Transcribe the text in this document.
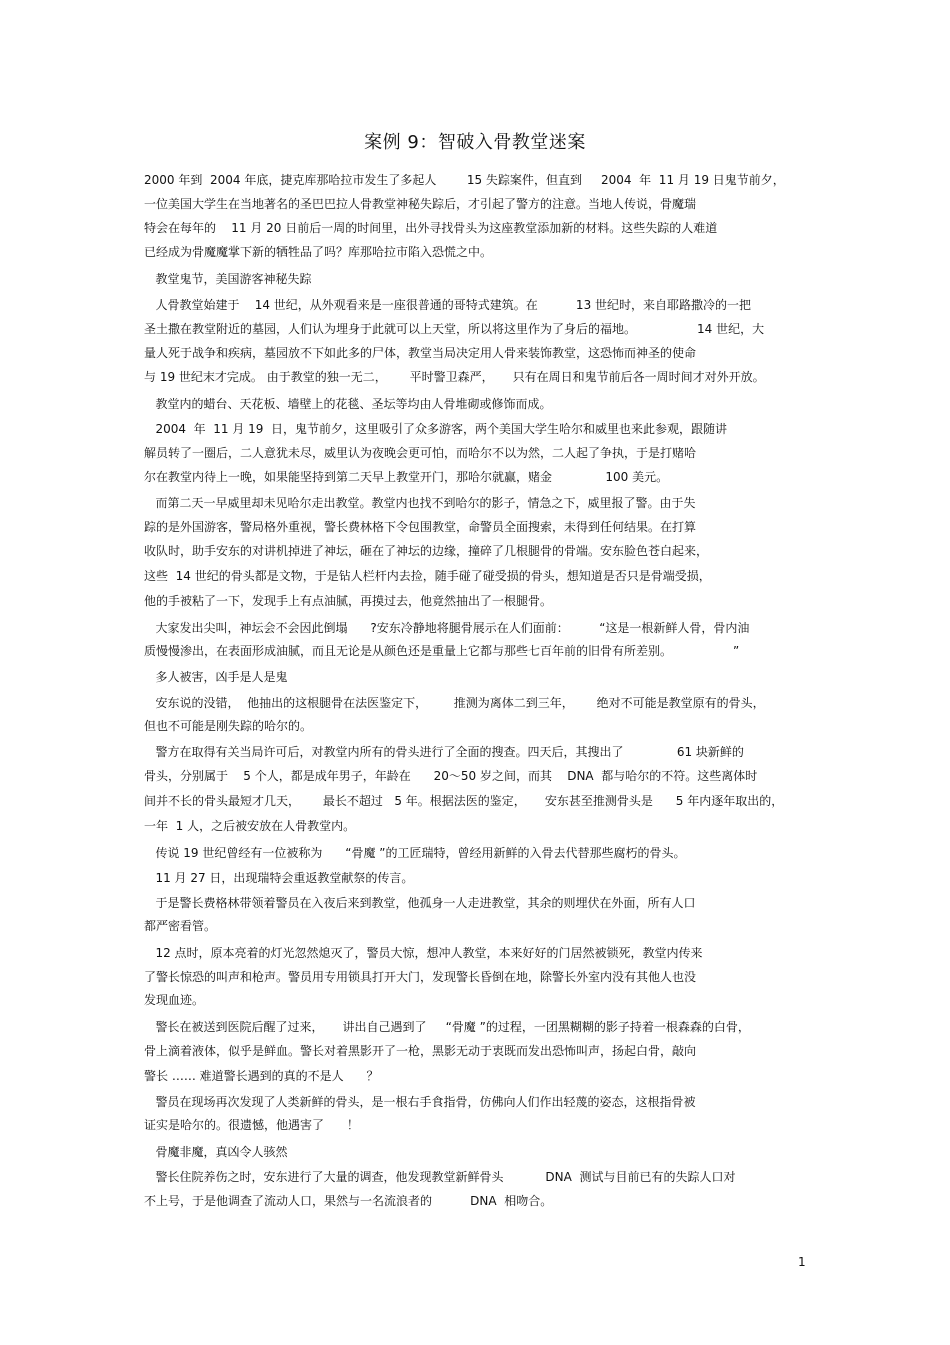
案例 9：智破入骨教堂迷案
2000 年到  2004 年底，捷克库那哈拉市发生了多起人        15 失踪案件，但直到     2004  年  11 月 19 日鬼节前夕，
一位美国大学生在当地著名的圣巴巴拉人骨教堂神秘失踪后，才引起了警方的注意。当地人传说，骨魔瑞
特会在每年的    11 月 20 日前后一周的时间里，出外寻找骨头为这座教堂添加新的材料。这些失踪的人难道
已经成为骨魔魔掌下新的牺牲品了吗？库那哈拉市陷入恐慌之中。
教堂鬼节，美国游客神秘失踪
人骨教堂始建于    14 世纪，从外观看来是一座很普通的哥特式建筑。在          13 世纪时，来自耶路撒冷的一把
圣土撒在教堂附近的墓园，人们认为埋身于此就可以上天堂，所以将这里作为了身后的福地。                14 世纪，大
量人死于战争和疾病，墓园放不下如此多的尸体，教堂当局决定用人骨来装饰教堂，这恐怖而神圣的使命
与 19 世纪末才完成。 由于教堂的独一无二，      平时警卫森严，     只有在周日和鬼节前后各一周时间才对外开放。
教堂内的蜡台、天花板、墙壁上的花毯、圣坛等均由人骨堆砌或修饰而成。
2004  年  11 月 19  日，鬼节前夕，这里吸引了众多游客，两个美国大学生哈尔和威里也来此参观，跟随讲
解员转了一圈后，二人意犹未尽，威里认为夜晚会更可怕，而哈尔不以为然，二人起了争执，于是打赌哈
尔在教堂内待上一晚，如果能坚持到第二天早上教堂开门，那哈尔就赢，赌金              100 美元。
而第二天一早威里却未见哈尔走出教堂。教堂内也找不到哈尔的影子，情急之下，威里报了警。由于失
踪的是外国游客，警局格外重视，警长费林格下令包围教堂，命警员全面搜索，未得到任何结果。在打算
收队时，助手安东的对讲机掉进了神坛，砸在了神坛的边缘，撞碎了几根腿骨的骨端。安东脸色苍白起来，
这些  14 世纪的骨头都是文物，于是钻人栏杆内去捡，随手碰了碰受损的骨头，想知道是否只是骨端受损，
他的手被粘了一下，发现手上有点油腻，再摸过去，他竟然抽出了一根腿骨。
大家发出尖叫，神坛会不会因此倒塌      ?安东冷静地将腿骨展示在人们面前：        “这是一根新鲜人骨，骨内油
质慢慢渗出，在表面形成油腻，而且无论是从颜色还是重量上它都与那些七百年前的旧骨有所差别。                ”
多人被害，凶手是人是鬼
安东说的没错，  他抽出的这根腿骨在法医鉴定下，       推测为离体二到三年，      绝对不可能是教堂原有的骨头，
但也不可能是刚失踪的哈尔的。
警方在取得有关当局许可后，对教堂内所有的骨头进行了全面的搜查。四天后，其搜出了              61 块新鲜的
骨头，分别属于    5 个人，都是成年男子，年龄在      20～50 岁之间，而其    DNA  都与哈尔的不符。这些离体时
间并不长的骨头最短才几天，      最长不超过   5 年。根据法医的鉴定，     安东甚至推测骨头是      5 年内逐年取出的，
一年  1 人，之后被安放在人骨教堂内。
传说 19 世纪曾经有一位被称为      “骨魔 ”的工匠瑞特，曾经用新鲜的入骨去代替那些腐朽的骨头。
11 月 27 日，出现瑞特会重返教堂献祭的传言。
于是警长费格林带领着警员在入夜后来到教堂，他孤身一人走进教堂，其余的则埋伏在外面，所有人口
都严密看管。
12 点时，原本亮着的灯光忽然熄灭了，警员大惊，想冲人教堂，本来好好的门居然被锁死，教堂内传来
了警长惊恐的叫声和枪声。警员用专用锁具打开大门，发现警长昏倒在地，除警长外室内没有其他人也没
发现血迹。
警长在被送到医院后醒了过来，     讲出自己遇到了     “骨魔 ”的过程，一团黑糊糊的影子持着一根森森的白骨，
骨上滴着液体，似乎是鲜血。警长对着黑影开了一枪，黑影无动于衷既而发出恐怖叫声，扬起白骨，敲向
警长 …… 难道警长遇到的真的不是人      ？
警员在现场再次发现了人类新鲜的骨头，是一根右手食指骨，仿佛向人们作出轻蔑的姿态，这根指骨被
证实是哈尔的。很遗憾，他遇害了      ！
骨魔非魔，真凶令人骇然
警长住院养伤之时，安东进行了大量的调查，他发现教堂新鲜骨头           DNA  测试与目前已有的失踪人口对
不上号，于是他调查了流动人口，果然与一名流浪者的          DNA  相吻合。
1
